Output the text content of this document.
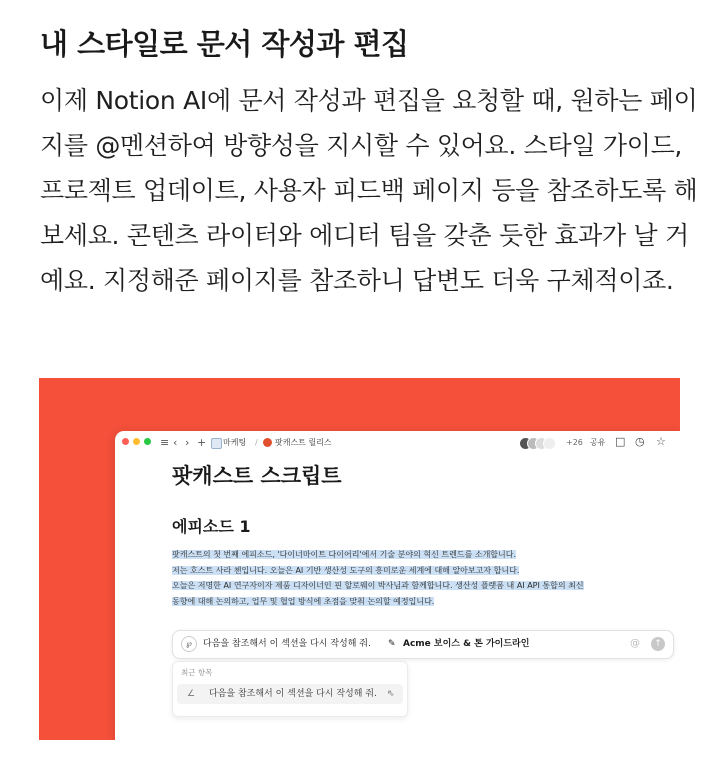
내 스타일로 문서 작성과 편집
이제 Notion AI에 문서 작성과 편집을 요청할 때, 원하는 페이지를 @멘션하여 방향성을 지시할 수 있어요. 스타일 가이드, 프로젝트 업데이트, 사용자 피드백 페이지 등을 참조하도록 해보세요. 콘텐츠 라이터와 에디터 팀을 갖춘 듯한 효과가 날 거예요. 지정해준 페이지를 참조하니 답변도 더욱 구체적이죠.
≡ ‹ › + 마케팅 / 팟캐스트 릴리스	+26 공유 □ ◷ ☆
팟캐스트 스크립트
에피소드 1
팟캐스트의 첫 번째 에피소드, '다이너마이트 다이어리'에서 기술 분야의 혁신 트렌드를 소개합니다.
저는 호스트 사라 첸입니다. 오늘은 AI 기반 생산성 도구의 흥미로운 세계에 대해 알아보고자 합니다.
오늘은 저명한 AI 연구자이자 제품 디자이너인 핀 할로웨이 박사님과 함께합니다. 생산성 플랫폼 내 AI API 통합의 최신
동향에 대해 논의하고, 업무 및 협업 방식에 초점을 맞춰 논의할 예정입니다.
℘	다음을 참조해서 이 섹션을 다시 작성해 줘. ✎ Acme 보이스 & 톤 가이드라인	@	↑
최근 항목
∠ 다음을 참조해서 이 섹션을 다시 작성해 줘. ⇖
